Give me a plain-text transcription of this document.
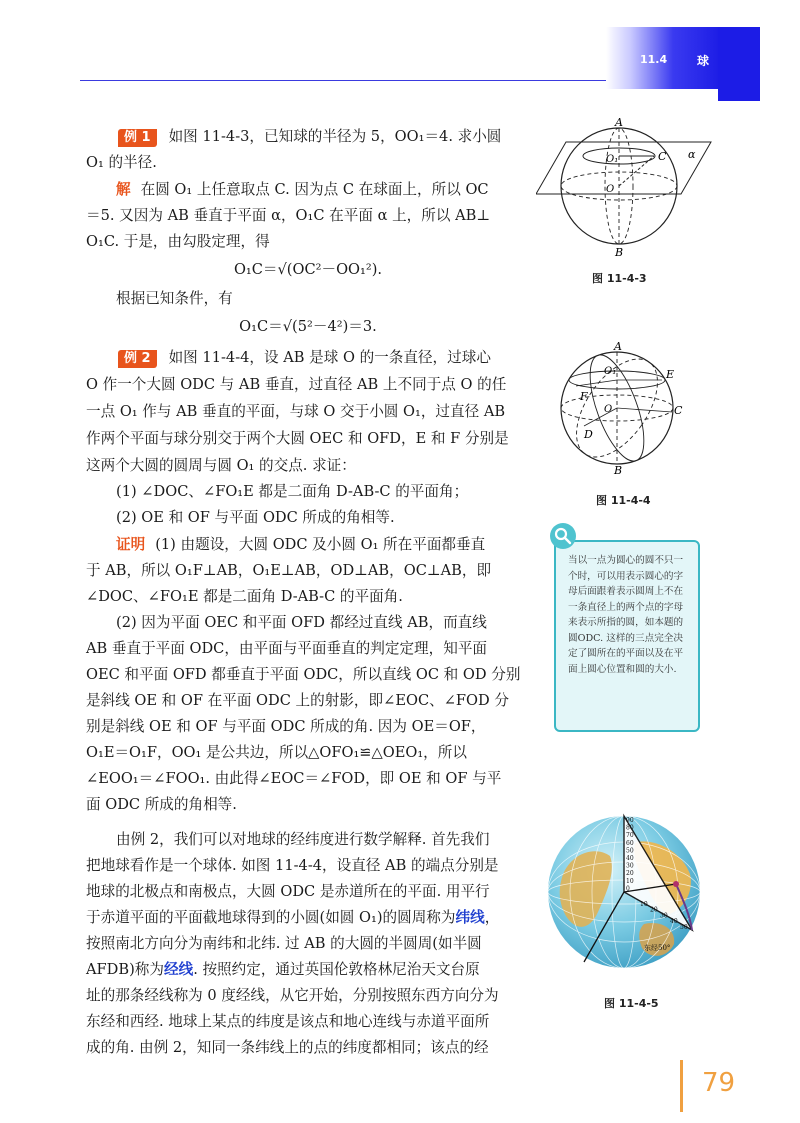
11.4 球
例 1 如图 11-4-3，已知球的半径为 5，OO₁＝4. 求小圆
O₁ 的半径.
解 在圆 O₁ 上任意取点 C. 因为点 C 在球面上，所以 OC
＝5. 又因为 AB 垂直于平面 α，O₁C 在平面 α 上，所以 AB⊥
O₁C. 于是，由勾股定理，得
O₁C＝√(OC²－OO₁²).
根据已知条件，有
O₁C＝√(5²－4²)＝3.
例 2 如图 11-4-4，设 AB 是球 O 的一条直径，过球心
O 作一个大圆 ODC 与 AB 垂直，过直径 AB 上不同于点 O 的任
一点 O₁ 作与 AB 垂直的平面，与球 O 交于小圆 O₁，过直径 AB
作两个平面与球分别交于两个大圆 OEC 和 OFD，E 和 F 分别是
这两个大圆的圆周与圆 O₁ 的交点. 求证：
(1) ∠DOC、∠FO₁E 都是二面角 D-AB-C 的平面角；
(2) OE 和 OF 与平面 ODC 所成的角相等.
证明 (1) 由题设，大圆 ODC 及小圆 O₁ 所在平面都垂直
于 AB，所以 O₁F⊥AB，O₁E⊥AB，OD⊥AB，OC⊥AB，即
∠DOC、∠FO₁E 都是二面角 D-AB-C 的平面角.
(2) 因为平面 OEC 和平面 OFD 都经过直线 AB，而直线
AB 垂直于平面 ODC，由平面与平面垂直的判定定理，知平面
OEC 和平面 OFD 都垂直于平面 ODC，所以直线 OC 和 OD 分别
是斜线 OE 和 OF 在平面 ODC 上的射影，即∠EOC、∠FOD 分
别是斜线 OE 和 OF 与平面 ODC 所成的角. 因为 OE＝OF，
O₁E＝O₁F，OO₁ 是公共边，所以△OFO₁≌△OEO₁，所以
∠EOO₁＝∠FOO₁. 由此得∠EOC＝∠FOD，即 OE 和 OF 与平
面 ODC 所成的角相等.
由例 2，我们可以对地球的经纬度进行数学解释. 首先我们
把地球看作是一个球体. 如图 11-4-4，设直径 AB 的端点分别是
地球的北极点和南极点，大圆 ODC 是赤道所在的平面. 用平行
于赤道平面的平面截地球得到的小圆(如圆 O₁)的圆周称为纬线，
按照南北方向分为南纬和北纬. 过 AB 的大圆的半圆周(如半圆
AFDB)称为经线. 按照约定，通过英国伦敦格林尼治天文台原
址的那条经线称为 0 度经线，从它开始，分别按照东西方向分为
东经和西经. 地球上某点的纬度是该点和地心连线与赤道平面所
成的角. 由例 2，知同一条纬线上的点的纬度都相同；该点的经
A
B
C
O₁
O
α
图 11-4-3
A
B
C
D
E
F
O₁
O
图 11-4-4
当以一点为圆心的圆不只一个时，可以用表示圆心的字母后面跟着表示圆周上不在一条直径上的两个点的字母来表示所指的圆，如本题的圆ODC. 这样的三点完全决定了圆所在的平面以及在平面上圆心位置和圆的大小.
东经50°
90
80
70
60
50
40
30
20
10
0
10
20
30
40
50
图 11-4-5
79
